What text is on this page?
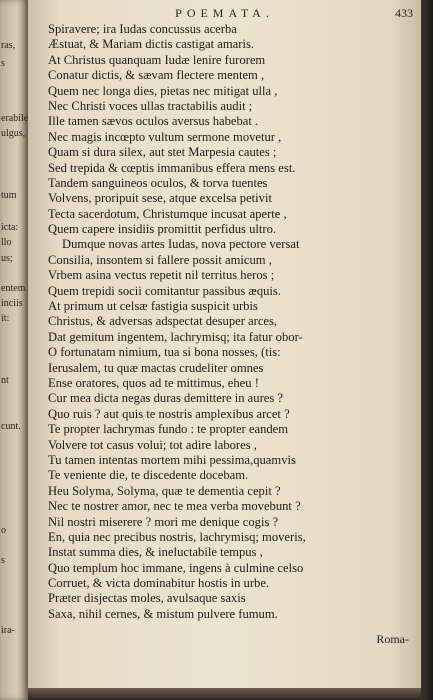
ras,
s
erabile
ulgus,
tum
icta:
llo
us;
entem
inciis
it:
nt
cunt.
o
s
ira-
POEMATA.	433
Spiravere; ira Iudas concussus acerba
Æstuat, & Mariam dictis castigat amaris.
At Christus quanquam Iudæ lenire furorem
Conatur dictis, & sævam flectere mentem ,
Quem nec longa dies, pietas nec mitigat ulla ,
Nec Christi voces ullas tractabilis audit ;
Ille tamen sævos oculos aversus habebat .
Nec magis incœpto vultum sermone movetur ,
Quam si dura silex, aut stet Marpesia cautes ;
Sed trepida & cœptis immanibus effera mens est.
Tandem sanguineos oculos, & torva tuentes
Volvens, proripuit sese, atque excelsa petivit
Tecta sacerdotum, Christumque incusat aperte ,
Quem capere insidiis promittit perfidus ultro.
Dumque novas artes Iudas, nova pectore versat
Consilia, insontem si fallere possit amicum ,
Vrbem asina vectus repetit nil territus heros ;
Quem trepidi socii comitantur passibus æquis.
At primum ut celsæ fastigia suspicit urbis
Christus, & adversas adspectat desuper arces,
Dat gemitum ingentem, lachrymisq; ita fatur obor-
O fortunatam nimium, tua si bona nosses, (tis:
Ierusalem, tu quæ mactas crudeliter omnes
Ense oratores, quos ad te mittimus, eheu !
Cur mea dicta negas duras demittere in aures ?
Quo ruis ? aut quis te nostris amplexibus arcet ?
Te propter lachrymas fundo : te propter eandem
Volvere tot casus volui; tot adire labores ,
Tu tamen intentas mortem mihi pessima,quamvis
Te veniente die, te discedente docebam.
Heu Solyma, Solyma, quæ te dementia cepit ?
Nec te nostrer amor, nec te mea verba movebunt ?
Nil nostri miserere ? mori me denique cogis ?
En, quia nec precibus nostris, lachrymisq; moveris,
Instat summa dies, & ineluctabile tempus ,
Quo templum hoc immane, ingens à culmine celso
Corruet, & victa dominabitur hostis in urbe.
Præter disjectas moles, avulsaque saxis
Saxa, nihil cernes, & mistum pulvere fumum.
Roma-
